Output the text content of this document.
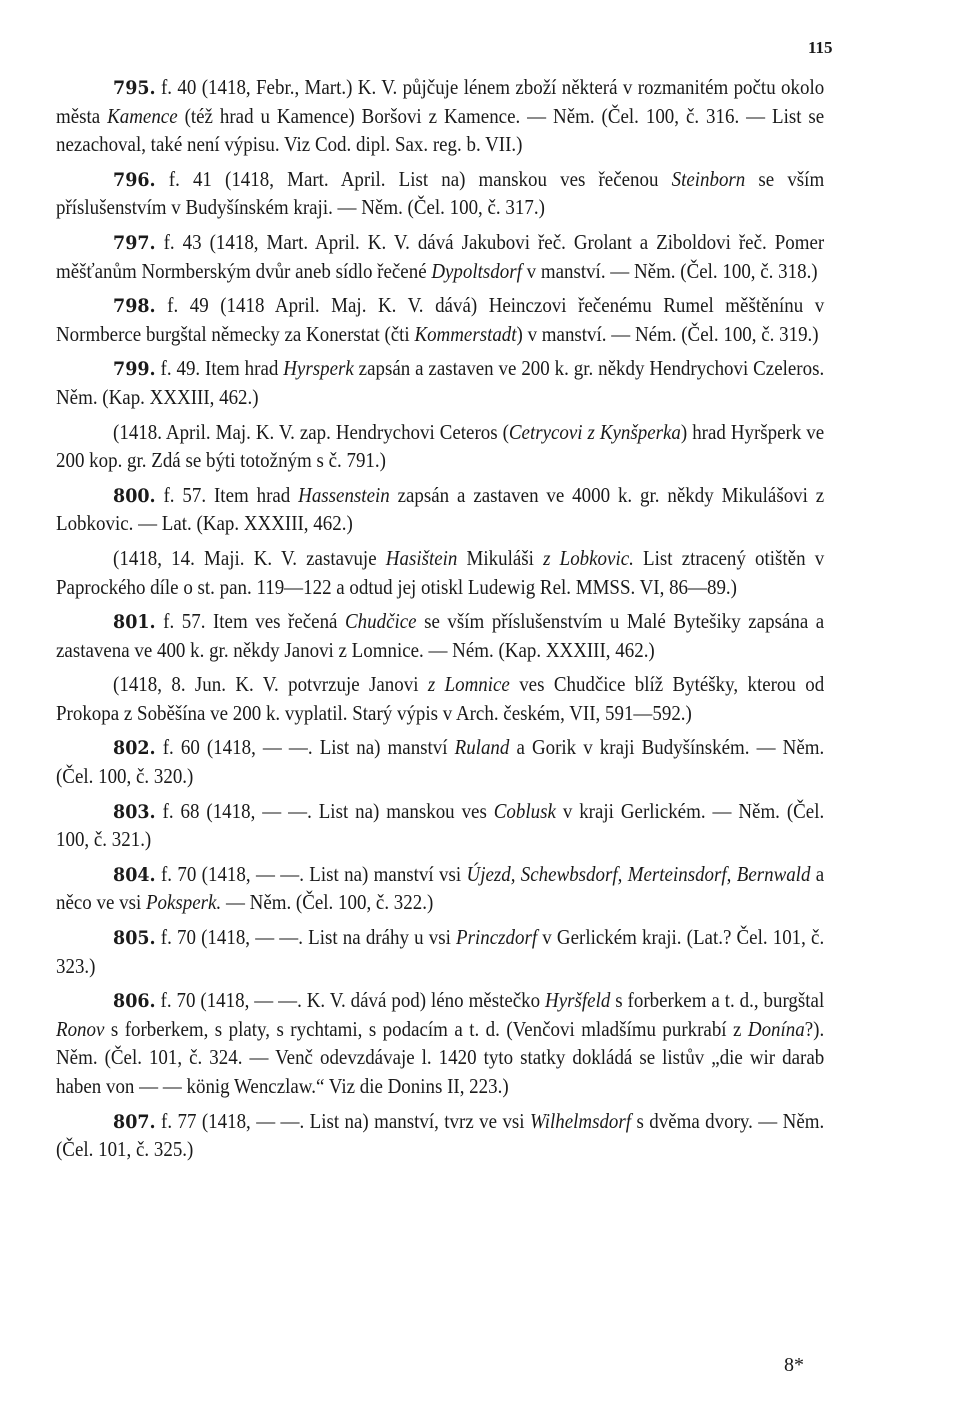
115

795. f. 40 (1418, Febr., Mart.) K. V. půjčuje lénem zboží některá v rozmanitém počtu okolo města Kamence (též hrad u Kamence) Boršovi z Kamence. — Něm. (Čel. 100, č. 316. — List se nezachoval, také není výpisu. Viz Cod. dipl. Sax. reg. b. VII.)

796. f. 41 (1418, Mart. April. List na) manskou ves řečenou Steinborn se vším příslušenstvím v Budyšínském kraji. — Něm. (Čel. 100, č. 317.)

797. f. 43 (1418, Mart. April. K. V. dává Jakubovi řeč. Grolant a Ziboldovi řeč. Pomer měšťanům Normberským dvůr aneb sídlo řečené Dypoltsdorf v manství. — Něm. (Čel. 100, č. 318.)

798. f. 49 (1418 April. Maj. K. V. dává) Heinczovi řečenému Rumel měštěnínu v Normberce burgštal německy za Konerstat (čti Kommerstadt) v manství. — Ném. (Čel. 100, č. 319.)

799. f. 49. Item hrad Hyrsperk zapsán a zastaven ve 200 k. gr. někdy Hendrychovi Czeleros. Něm. (Kap. XXXIII, 462.)

(1418. April. Maj. K. V. zap. Hendrychovi Ceteros (Cetrycovi z Kynšperka) hrad Hyršperk ve 200 kop. gr. Zdá se býti totožným s č. 791.)

800. f. 57. Item hrad Hassenstein zapsán a zastaven ve 4000 k. gr. někdy Mikulášovi z Lobkovic. — Lat. (Kap. XXXIII, 462.)

(1418, 14. Maji. K. V. zastavuje Hasištein Mikuláši z Lobkovic. List ztracený otištěn v Paprockého díle o st. pan. 119—122 a odtud jej otiskl Ludewig Rel. MMSS. VI, 86—89.)

801. f. 57. Item ves řečená Chudčice se vším příslušenstvím u Malé Bytešiky zapsána a zastavena ve 400 k. gr. někdy Janovi z Lomnice. — Ném. (Kap. XXXIII, 462.)

(1418, 8. Jun. K. V. potvrzuje Janovi z Lomnice ves Chudčice blíž Bytéšky, kterou od Prokopa z Soběšína ve 200 k. vyplatil. Starý výpis v Arch. českém, VII, 591—592.)

802. f. 60 (1418, — —. List na) manství Ruland a Gorik v kraji Budyšínském. — Něm. (Čel. 100, č. 320.)

803. f. 68 (1418, — —. List na) manskou ves Coblusk v kraji Gerlickém. — Něm. (Čel. 100, č. 321.)

804. f. 70 (1418, — —. List na) manství vsi Újezd, Schewbsdorf, Merteinsdorf, Bernwald a něco ve vsi Poksperk. — Něm. (Čel. 100, č. 322.)

805. f. 70 (1418, — —. List na dráhy u vsi Princzdorf v Gerlickém kraji. (Lat.? Čel. 101, č. 323.)

806. f. 70 (1418, — —. K. V. dává pod) léno městečko Hyršfeld s forberkem a t. d., burgštal Ronov s forberkem, s platy, s rychtami, s podacím a t. d. (Venčovi mladšímu purkrabí z Donína?). Něm. (Čel. 101, č. 324. — Venč odevzdávaje l. 1420 tyto statky dokládá se listův „die wir darab haben von — — könig Wenczlaw.“ Viz die Donins II, 223.)

807. f. 77 (1418, — —. List na) manství, tvrz ve vsi Wilhelmsdorf s dvěma dvory. — Něm. (Čel. 101, č. 325.)

8*
